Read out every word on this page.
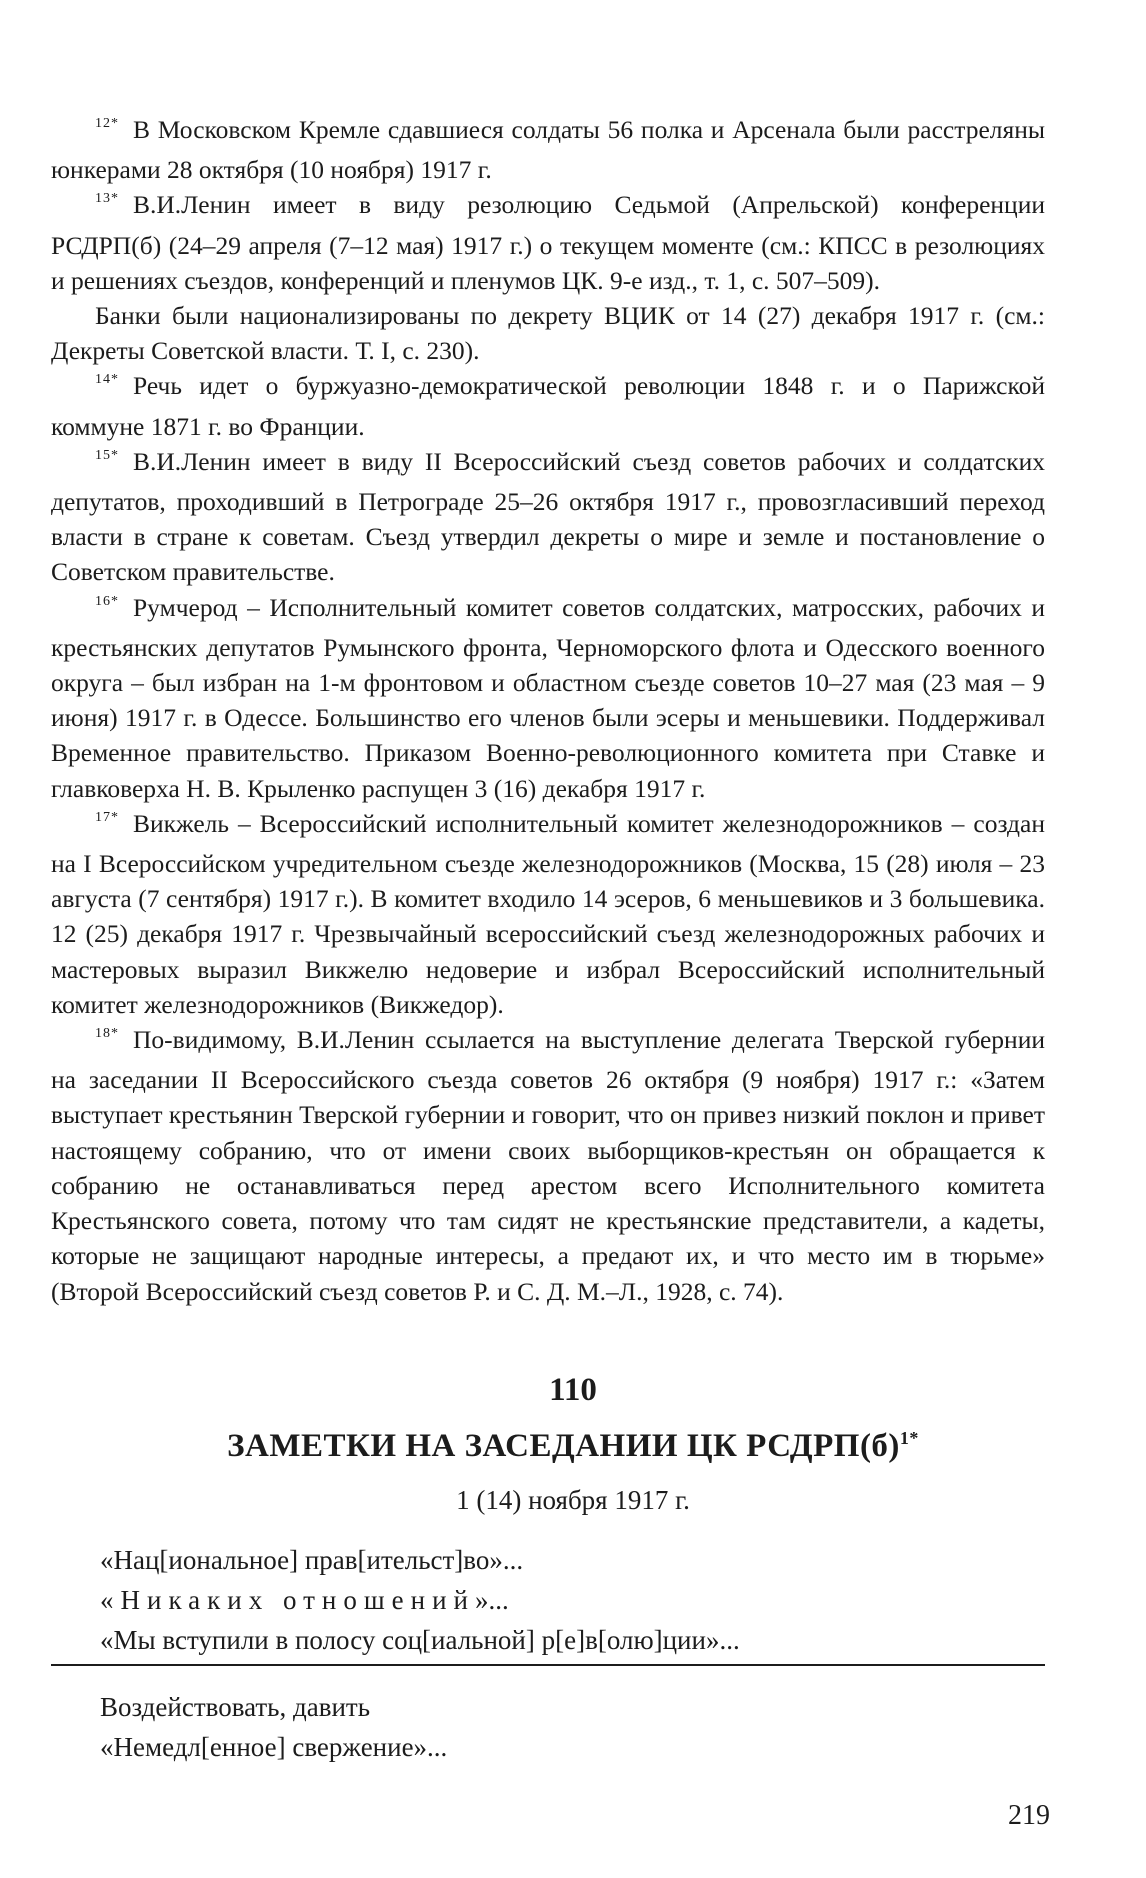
$^{12*}$ В Московском Кремле сдавшиеся солдаты 56 полка и Арсенала были расстреляны юнкерами 28 октября (10 ноября) 1917 г.

$^{13*}$ В.И.Ленин имеет в виду резолюцию Седьмой (Апрельской) конференции РСДРП(б) (24–29 апреля (7–12 мая) 1917 г.) о текущем моменте (см.: КПСС в резолюциях и решениях съездов, конференций и пленумов ЦК. 9-е изд., т. 1, с. 507–509).

Банки были национализированы по декрету ВЦИК от 14 (27) декабря 1917 г. (см.: Декреты Советской власти. Т. I, с. 230).

$^{14*}$ Речь идет о буржуазно-демократической революции 1848 г. и о Парижской коммуне 1871 г. во Франции.

$^{15*}$ В.И.Ленин имеет в виду II Всероссийский съезд советов рабочих и солдатских депутатов, проходивший в Петрограде 25–26 октября 1917 г., провозгласивший переход власти в стране к советам. Съезд утвердил декреты о мире и земле и постановление о Советском правительстве.

$^{16*}$ Румчерод – Исполнительный комитет советов солдатских, матросских, рабочих и крестьянских депутатов Румынского фронта, Черноморского флота и Одесского военного округа – был избран на 1-м фронтовом и областном съезде советов 10–27 мая (23 мая – 9 июня) 1917 г. в Одессе. Большинство его членов были эсеры и меньшевики. Поддерживал Временное правительство. Приказом Военно-революционного комитета при Ставке и главковерха Н. В. Крыленко распущен 3 (16) декабря 1917 г.

$^{17*}$ Викжель – Всероссийский исполнительный комитет железнодорожников – создан на I Всероссийском учредительном съезде железнодорожников (Москва, 15 (28) июля – 23 августа (7 сентября) 1917 г.). В комитет входило 14 эсеров, 6 меньшевиков и 3 большевика. 12 (25) декабря 1917 г. Чрезвычайный всероссийский съезд железнодорожных рабочих и мастеровых выразил Викжелю недоверие и избрал Всероссийский исполнительный комитет железнодорожников (Викжедор).

$^{18*}$ По-видимому, В.И.Ленин ссылается на выступление делегата Тверской губернии на заседании II Всероссийского съезда советов 26 октября (9 ноября) 1917 г.: «Затем выступает крестьянин Тверской губернии и говорит, что он привез низкий поклон и привет настоящему собранию, что от имени своих выборщиков-крестьян он обращается к собранию не останавливаться перед арестом всего Исполнительного комитета Крестьянского совета, потому что там сидят не крестьянские представители, а кадеты, которые не защищают народные интересы, а предают их, и что место им в тюрьме» (Второй Всероссийский съезд советов Р. и С. Д. М.–Л., 1928, с. 74).

110
ЗАМЕТКИ НА ЗАСЕДАНИИ ЦК $РСДРП(б)^{1*}$
1 (14) ноября 1917 г.
«Нац[иональное] прав[ительст]во»...
«Никаких отношений»...
«Мы вступили в полосу соц[иальной] р[е]в[олю]ции»...
Воздействовать, давить
«Немедл[енное] свержение»...
219
